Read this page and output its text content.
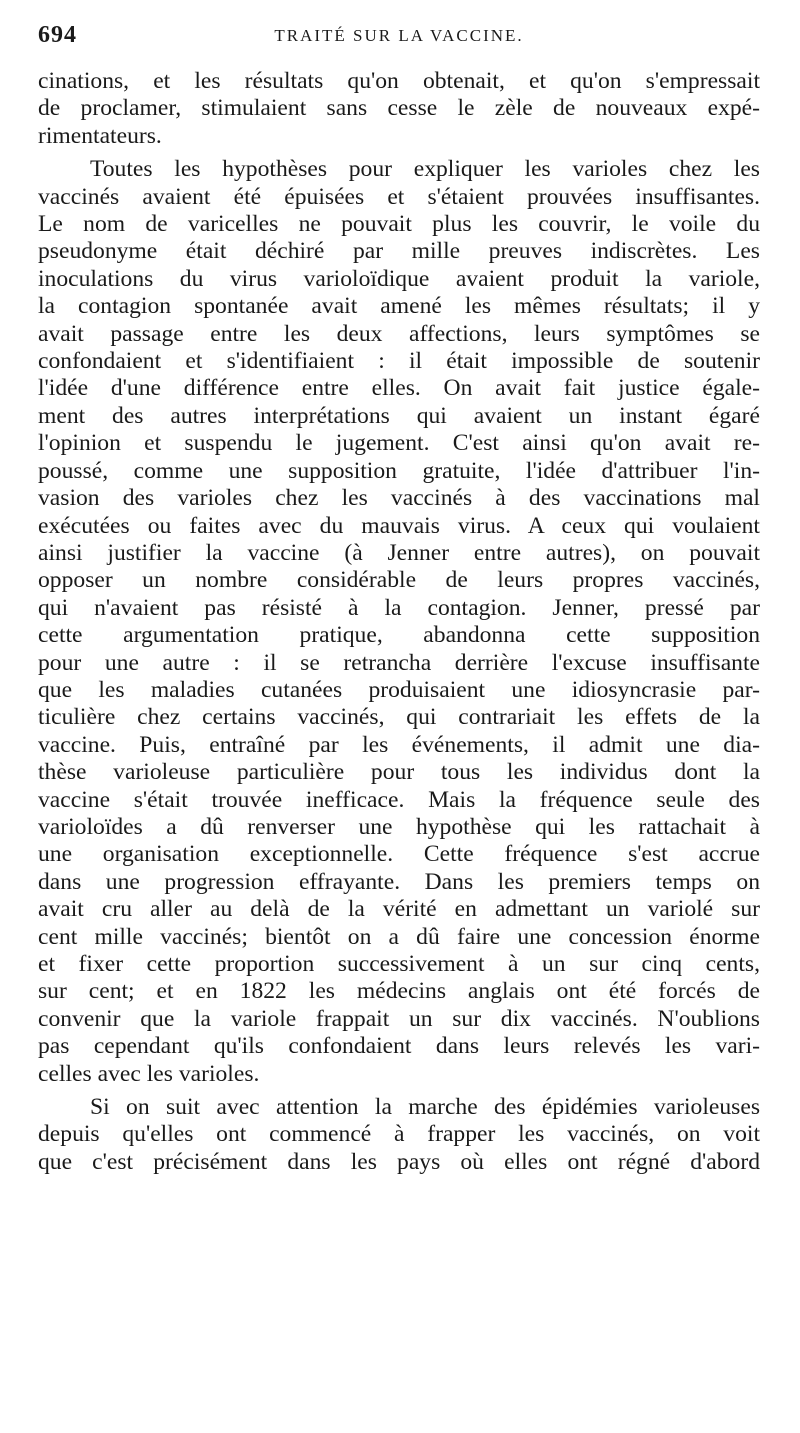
694	TRAITÉ SUR LA VACCINE.
cinations, et les résultats qu'on obtenait, et qu'on s'empressait
de proclamer, stimulaient sans cesse le zèle de nouveaux expé-
rimentateurs.
Toutes les hypothèses pour expliquer les varioles chez les
vaccinés avaient été épuisées et s'étaient prouvées insuffisantes.
Le nom de varicelles ne pouvait plus les couvrir, le voile du
pseudonyme était déchiré par mille preuves indiscrètes. Les
inoculations du virus varioloïdique avaient produit la variole,
la contagion spontanée avait amené les mêmes résultats; il y
avait passage entre les deux affections, leurs symptômes se
confondaient et s'identifiaient : il était impossible de soutenir
l'idée d'une différence entre elles. On avait fait justice égale-
ment des autres interprétations qui avaient un instant égaré
l'opinion et suspendu le jugement. C'est ainsi qu'on avait re-
poussé, comme une supposition gratuite, l'idée d'attribuer l'in-
vasion des varioles chez les vaccinés à des vaccinations mal
exécutées ou faites avec du mauvais virus. A ceux qui voulaient
ainsi justifier la vaccine (à Jenner entre autres), on pouvait
opposer un nombre considérable de leurs propres vaccinés,
qui n'avaient pas résisté à la contagion. Jenner, pressé par
cette argumentation pratique, abandonna cette supposition
pour une autre : il se retrancha derrière l'excuse insuffisante
que les maladies cutanées produisaient une idiosyncrasie par-
ticulière chez certains vaccinés, qui contrariait les effets de la
vaccine. Puis, entraîné par les événements, il admit une dia-
thèse varioleuse particulière pour tous les individus dont la
vaccine s'était trouvée inefficace. Mais la fréquence seule des
varioloïdes a dû renverser une hypothèse qui les rattachait à
une organisation exceptionnelle. Cette fréquence s'est accrue
dans une progression effrayante. Dans les premiers temps on
avait cru aller au delà de la vérité en admettant un variolé sur
cent mille vaccinés; bientôt on a dû faire une concession énorme
et fixer cette proportion successivement à un sur cinq cents,
sur cent; et en 1822 les médecins anglais ont été forcés de
convenir que la variole frappait un sur dix vaccinés. N'oublions
pas cependant qu'ils confondaient dans leurs relevés les vari-
celles avec les varioles.
Si on suit avec attention la marche des épidémies varioleuses
depuis qu'elles ont commencé à frapper les vaccinés, on voit
que c'est précisément dans les pays où elles ont régné d'abord
